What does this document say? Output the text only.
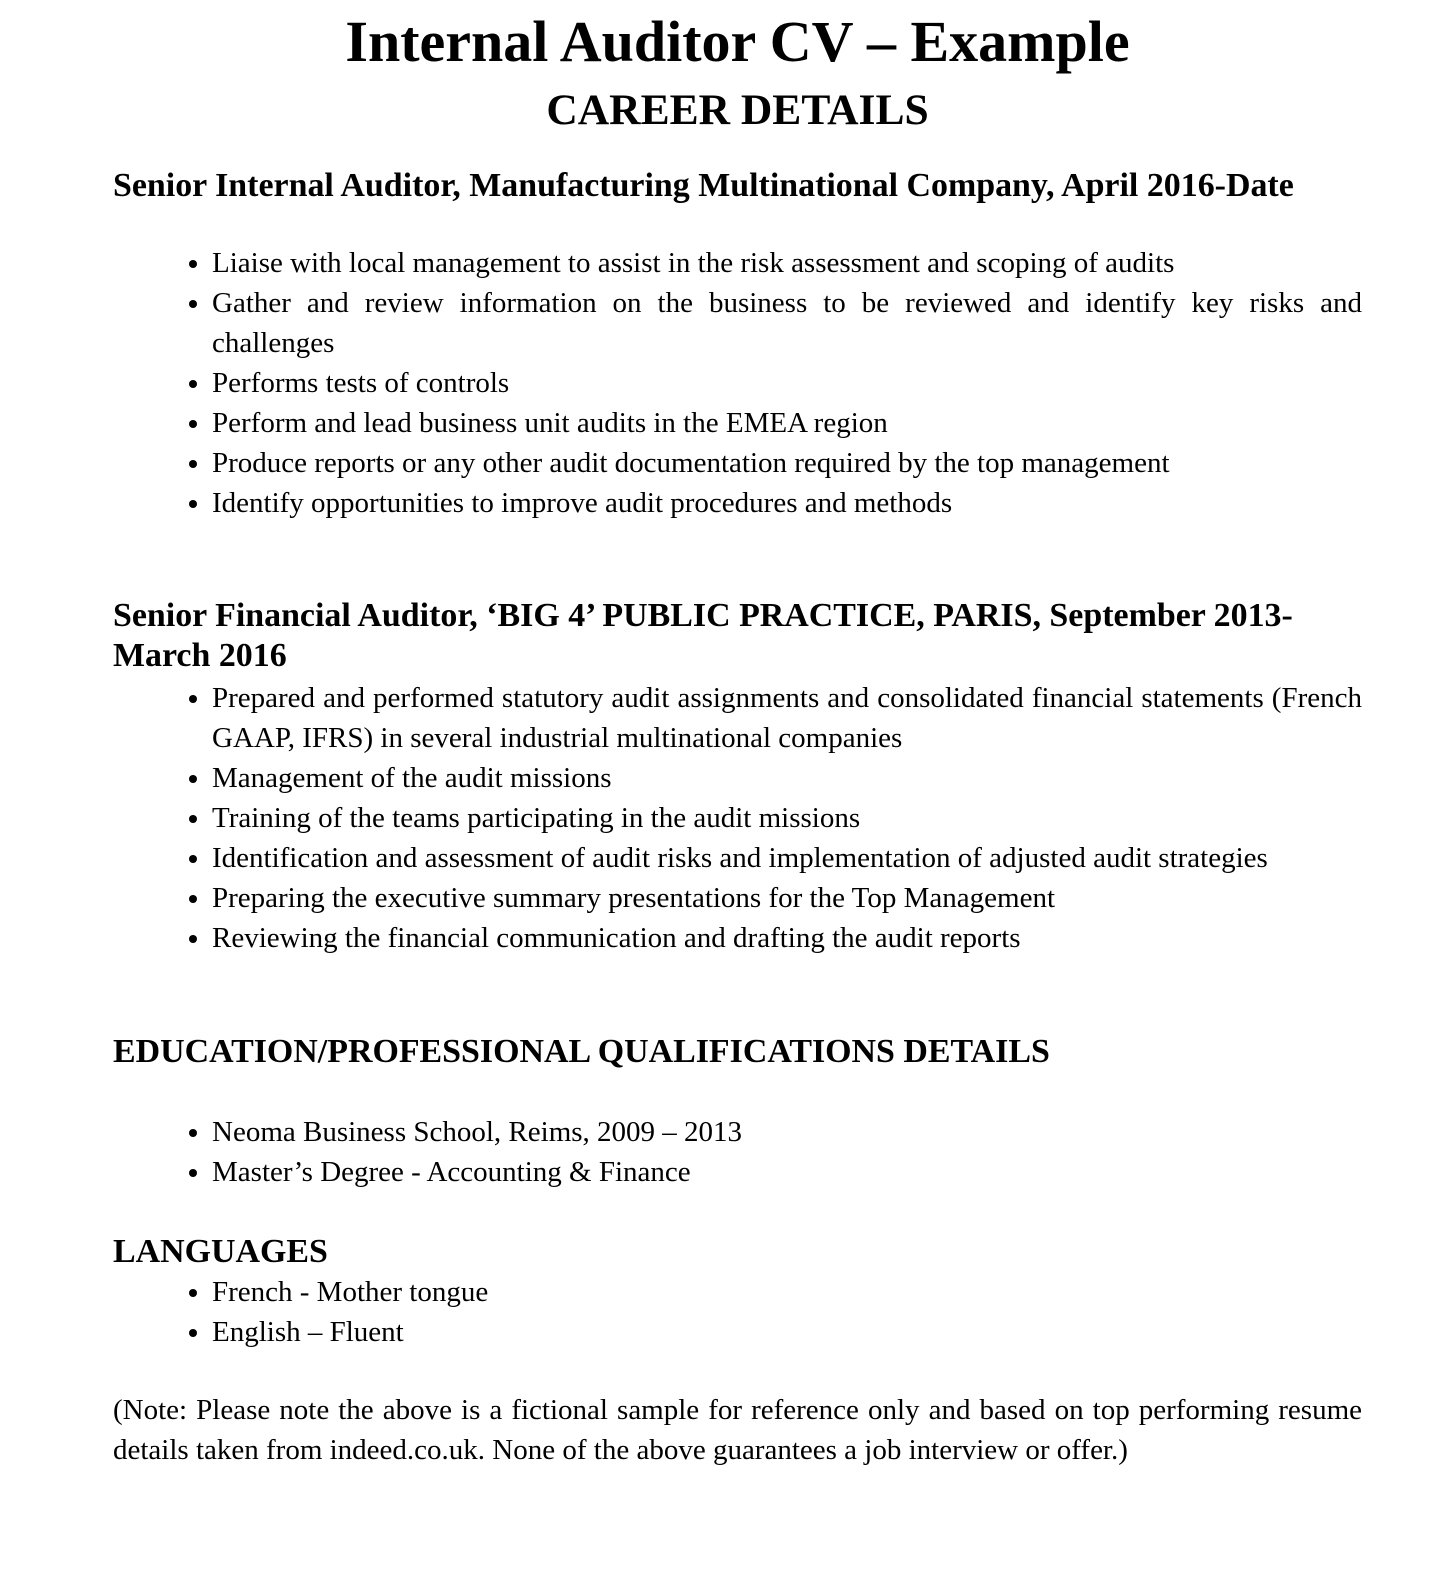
Internal Auditor CV – Example
CAREER DETAILS
Senior Internal Auditor, Manufacturing Multinational Company, April 2016-Date
• Liaise with local management to assist in the risk assessment and scoping of audits
• Gather and review information on the business to be reviewed and identify key risks and challenges
• Performs tests of controls
• Perform and lead business unit audits in the EMEA region
• Produce reports or any other audit documentation required by the top management
• Identify opportunities to improve audit procedures and methods
Senior Financial Auditor, ‘BIG 4’ PUBLIC PRACTICE, PARIS, September 2013-March 2016
• Prepared and performed statutory audit assignments and consolidated financial statements (French GAAP, IFRS) in several industrial multinational companies
• Management of the audit missions
• Training of the teams participating in the audit missions
• Identification and assessment of audit risks and implementation of adjusted audit strategies
• Preparing the executive summary presentations for the Top Management
• Reviewing the financial communication and drafting the audit reports
EDUCATION/PROFESSIONAL QUALIFICATIONS DETAILS
• Neoma Business School, Reims, 2009 – 2013
• Master’s Degree - Accounting & Finance
LANGUAGES
• French - Mother tongue
• English – Fluent

(Note: Please note the above is a fictional sample for reference only and based on top performing resume details taken from indeed.co.uk. None of the above guarantees a job interview or offer.)
